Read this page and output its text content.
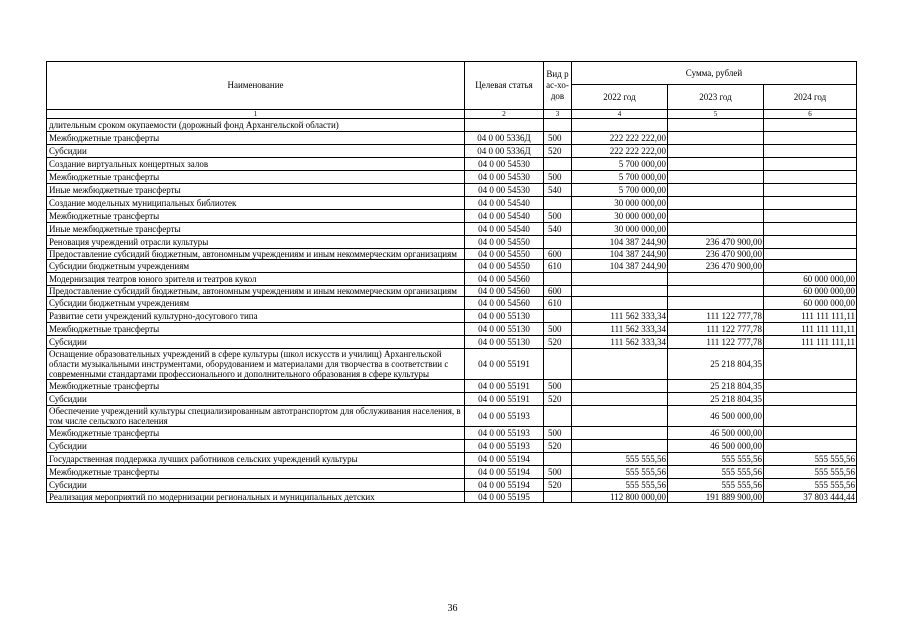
Наименование	Целевая статья	Вид рас-хо-дов	Сумма, рублей		
			2022 год	2023 год	2024 год
1	2	3	4	5	6
длительным сроком окупаемости (дорожный фонд Архангельской области)					
Межбюджетные трансферты	04 0 00 5336Д	500	222 222 222,00		
Субсидии	04 0 00 5336Д	520	222 222 222,00		
Создание виртуальных концертных залов	04 0 00 54530		5 700 000,00		
Межбюджетные трансферты	04 0 00 54530	500	5 700 000,00		
Иные межбюджетные трансферты	04 0 00 54530	540	5 700 000,00		
Создание модельных муниципальных библиотек	04 0 00 54540		30 000 000,00		
Межбюджетные трансферты	04 0 00 54540	500	30 000 000,00		
Иные межбюджетные трансферты	04 0 00 54540	540	30 000 000,00		
Реновация учреждений отрасли культуры	04 0 00 54550		104 387 244,90	236 470 900,00	
Предоставление субсидий бюджетным, автономным учреждениям и иным некоммерческим организациям	04 0 00 54550	600	104 387 244,90	236 470 900,00	
Субсидии бюджетным учреждениям	04 0 00 54550	610	104 387 244,90	236 470 900,00	
Модернизация театров юного зрителя и театров кукол	04 0 00 54560				60 000 000,00
Предоставление субсидий бюджетным, автономным учреждениям и иным некоммерческим организациям	04 0 00 54560	600			60 000 000,00
Субсидии бюджетным учреждениям	04 0 00 54560	610			60 000 000,00
Развитие сети учреждений культурно-досугового типа	04 0 00 55130		111 562 333,34	111 122 777,78	111 111 111,11
Межбюджетные трансферты	04 0 00 55130	500	111 562 333,34	111 122 777,78	111 111 111,11
Субсидии	04 0 00 55130	520	111 562 333,34	111 122 777,78	111 111 111,11
Оснащение образовательных учреждений в сфере культуры (школ искусств и училищ) Архангельской области музыкальными инструментами, оборудованием и материалами для творчества в соответствии с современными стандартами профессионального и дополнительного образования в сфере культуры	04 0 00 55191			25 218 804,35	
Межбюджетные трансферты	04 0 00 55191	500		25 218 804,35	
Субсидии	04 0 00 55191	520		25 218 804,35	
Обеспечение учреждений культуры специализированным автотранспортом для обслуживания населения, в том числе сельского населения	04 0 00 55193			46 500 000,00	
Межбюджетные трансферты	04 0 00 55193	500		46 500 000,00	
Субсидии	04 0 00 55193	520		46 500 000,00	
Государственная поддержка лучших работников сельских учреждений культуры	04 0 00 55194		555 555,56	555 555,56	555 555,56
Межбюджетные трансферты	04 0 00 55194	500	555 555,56	555 555,56	555 555,56
Субсидии	04 0 00 55194	520	555 555,56	555 555,56	555 555,56
Реализация мероприятий по модернизации региональных и муниципальных детских	04 0 00 55195		112 800 000,00	191 889 900,00	37 803 444,44
36
